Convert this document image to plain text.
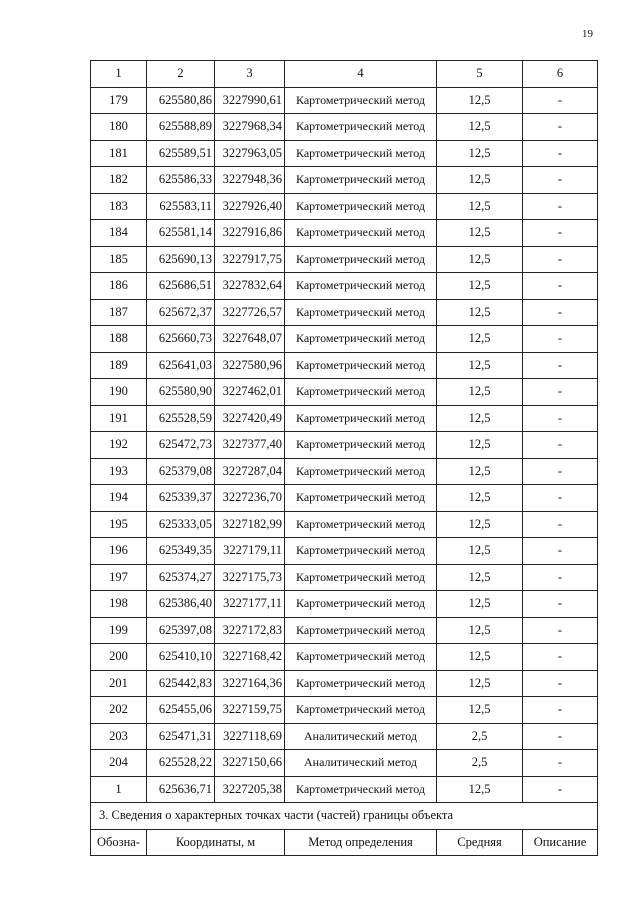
19
1	2	3	4	5	6
179	625580,86	3227990,61	Картометрический метод	12,5	-
180	625588,89	3227968,34	Картометрический метод	12,5	-
181	625589,51	3227963,05	Картометрический метод	12,5	-
182	625586,33	3227948,36	Картометрический метод	12,5	-
183	625583,11	3227926,40	Картометрический метод	12,5	-
184	625581,14	3227916,86	Картометрический метод	12,5	-
185	625690,13	3227917,75	Картометрический метод	12,5	-
186	625686,51	3227832,64	Картометрический метод	12,5	-
187	625672,37	3227726,57	Картометрический метод	12,5	-
188	625660,73	3227648,07	Картометрический метод	12,5	-
189	625641,03	3227580,96	Картометрический метод	12,5	-
190	625580,90	3227462,01	Картометрический метод	12,5	-
191	625528,59	3227420,49	Картометрический метод	12,5	-
192	625472,73	3227377,40	Картометрический метод	12,5	-
193	625379,08	3227287,04	Картометрический метод	12,5	-
194	625339,37	3227236,70	Картометрический метод	12,5	-
195	625333,05	3227182,99	Картометрический метод	12,5	-
196	625349,35	3227179,11	Картометрический метод	12,5	-
197	625374,27	3227175,73	Картометрический метод	12,5	-
198	625386,40	3227177,11	Картометрический метод	12,5	-
199	625397,08	3227172,83	Картометрический метод	12,5	-
200	625410,10	3227168,42	Картометрический метод	12,5	-
201	625442,83	3227164,36	Картометрический метод	12,5	-
202	625455,06	3227159,75	Картометрический метод	12,5	-
203	625471,31	3227118,69	Аналитический метод	2,5	-
204	625528,22	3227150,66	Аналитический метод	2,5	-
1	625636,71	3227205,38	Картометрический метод	12,5	-
3. Сведения о характерных точках части (частей) границы объекта					
Обозна-	Координаты, м		Метод определения	Средняя	Описание
